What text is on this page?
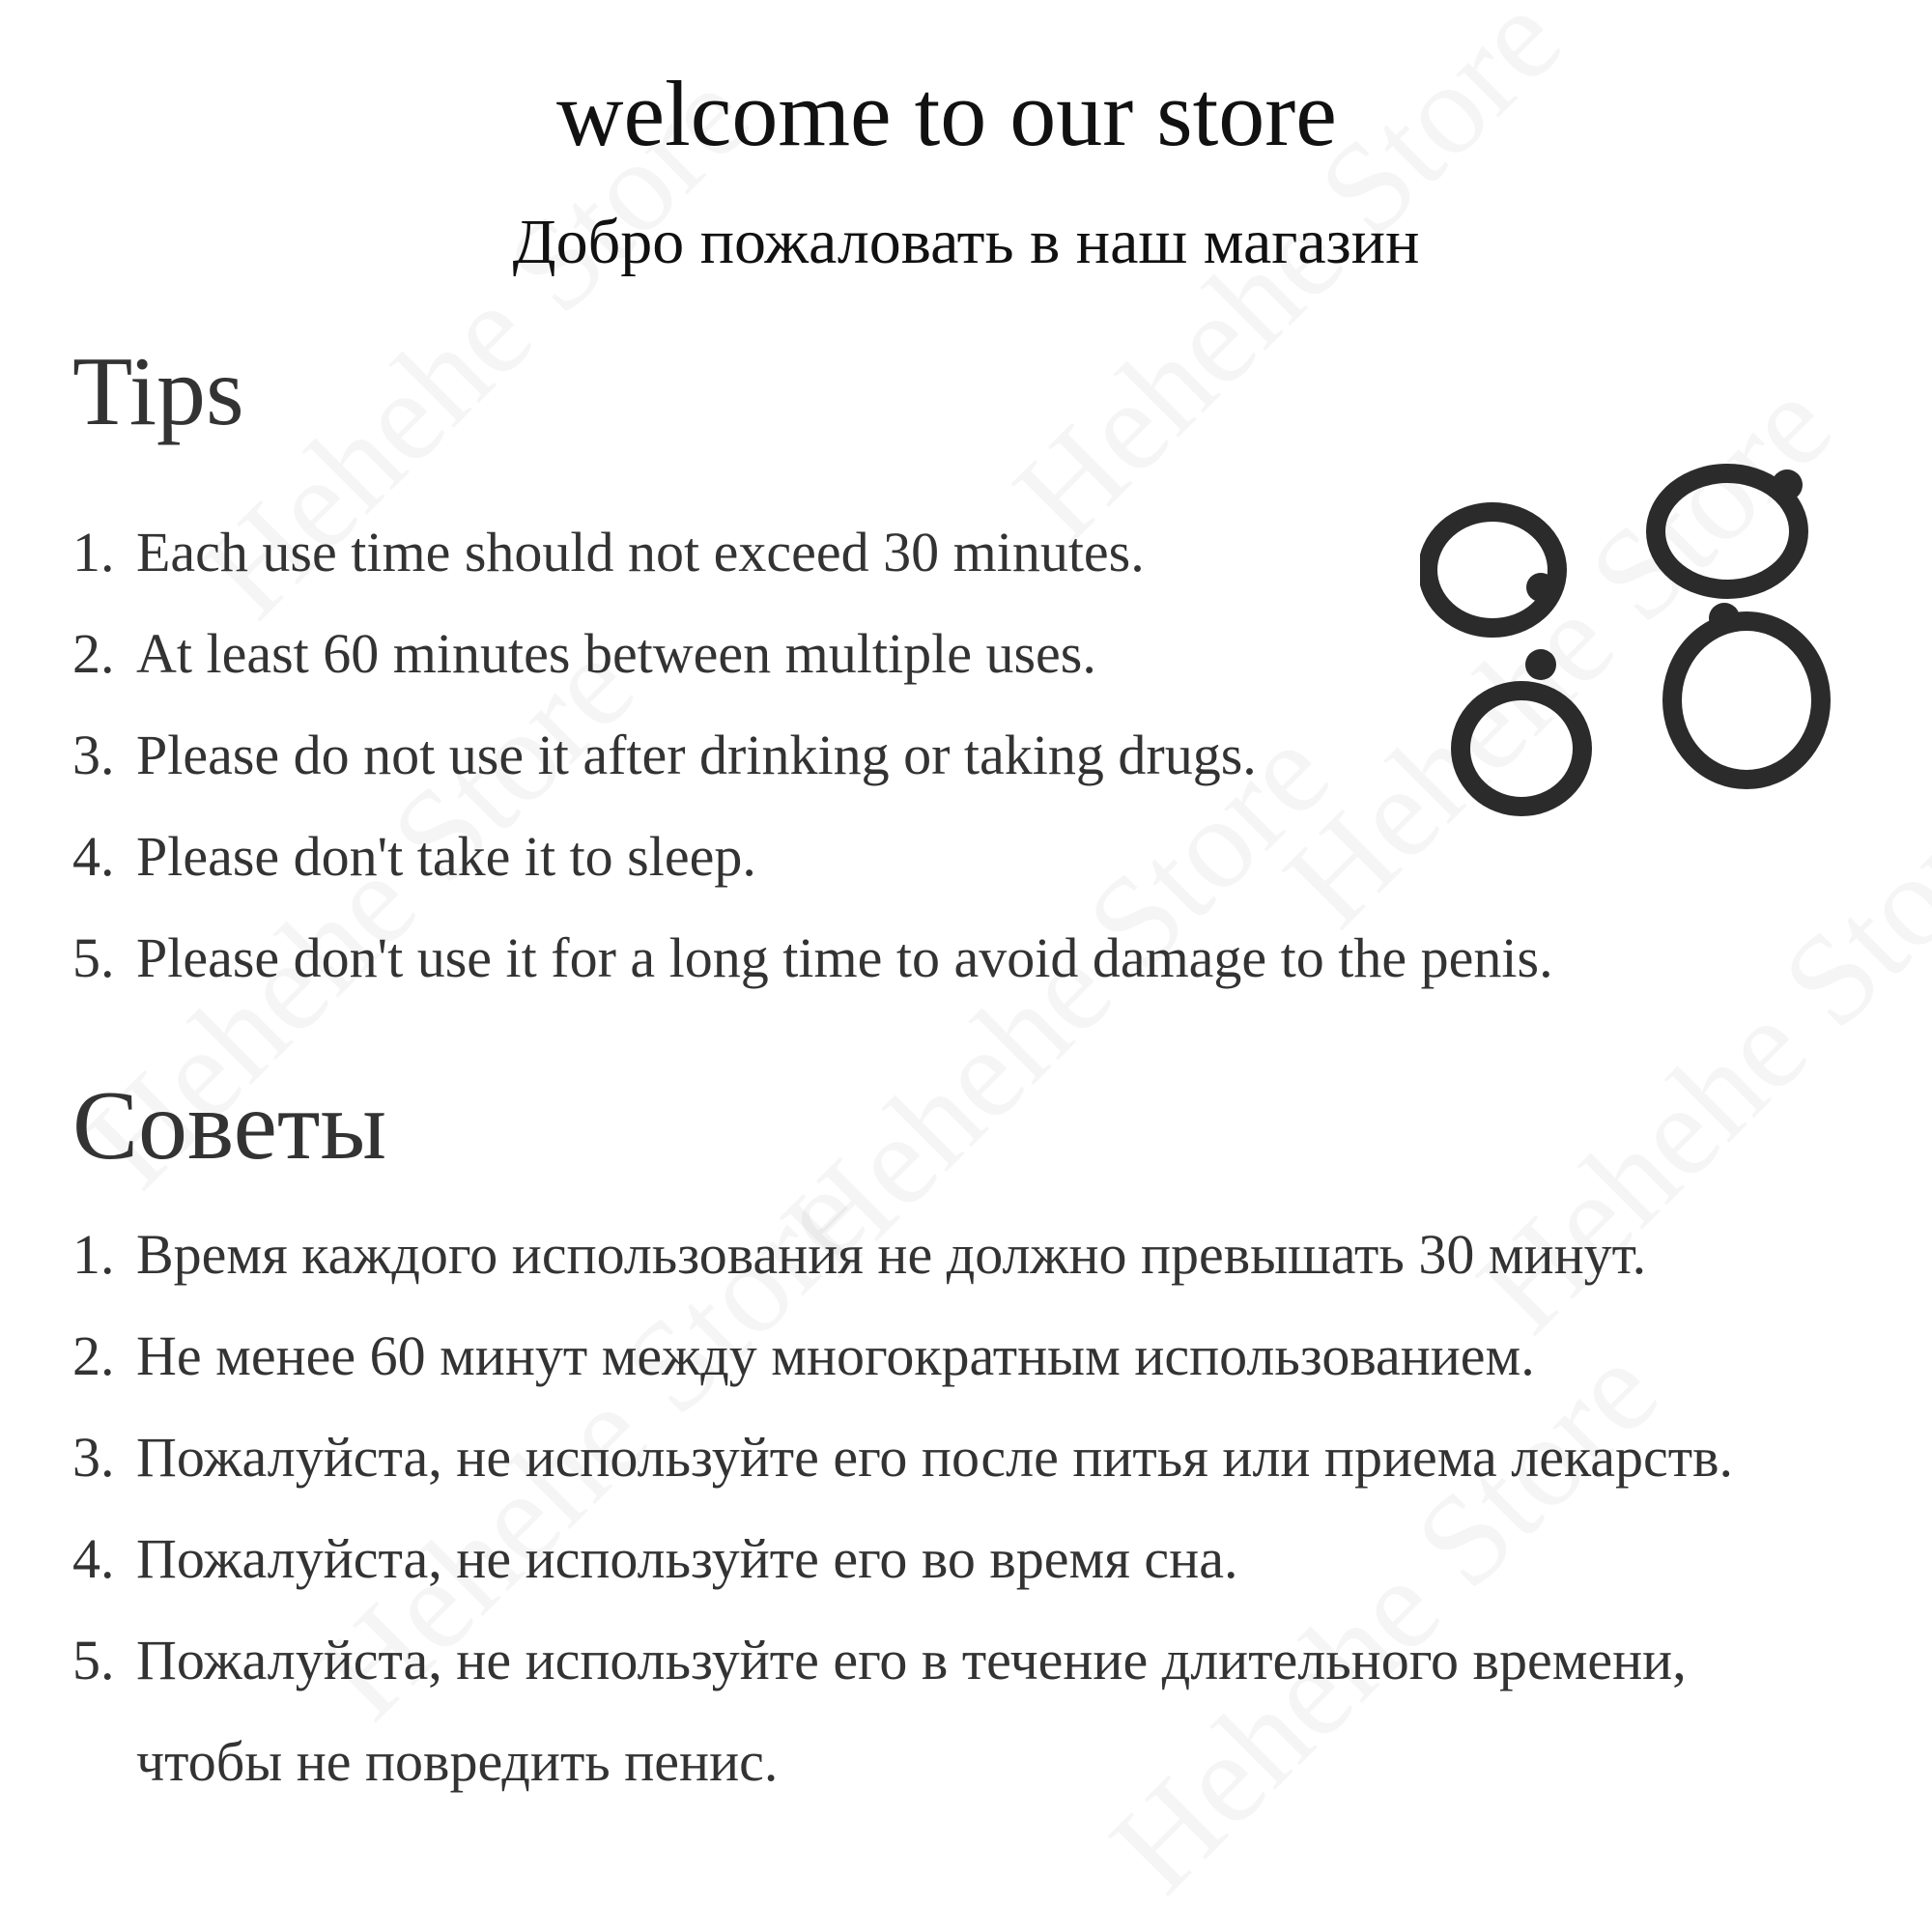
welcome to our store
Добро пожаловать в наш магазин
Tips
1. Each use time should not exceed 30 minutes.
2. At least 60 minutes between multiple uses.
3. Please do not use it after drinking or taking drugs.
4. Please don't take it to sleep.
5. Please don't use it for a long time to avoid damage to the penis.
Советы
1. Время каждого использования не должно превышать 30 минут.
2. Не менее 60 минут между многократным использованием.
3. Пожалуйста, не используйте его после питья или приема лекарств.
4. Пожалуйста, не используйте его во время сна.
5. Пожалуйста, не используйте его в течение длительного времени,
чтобы не повредить пенис.
